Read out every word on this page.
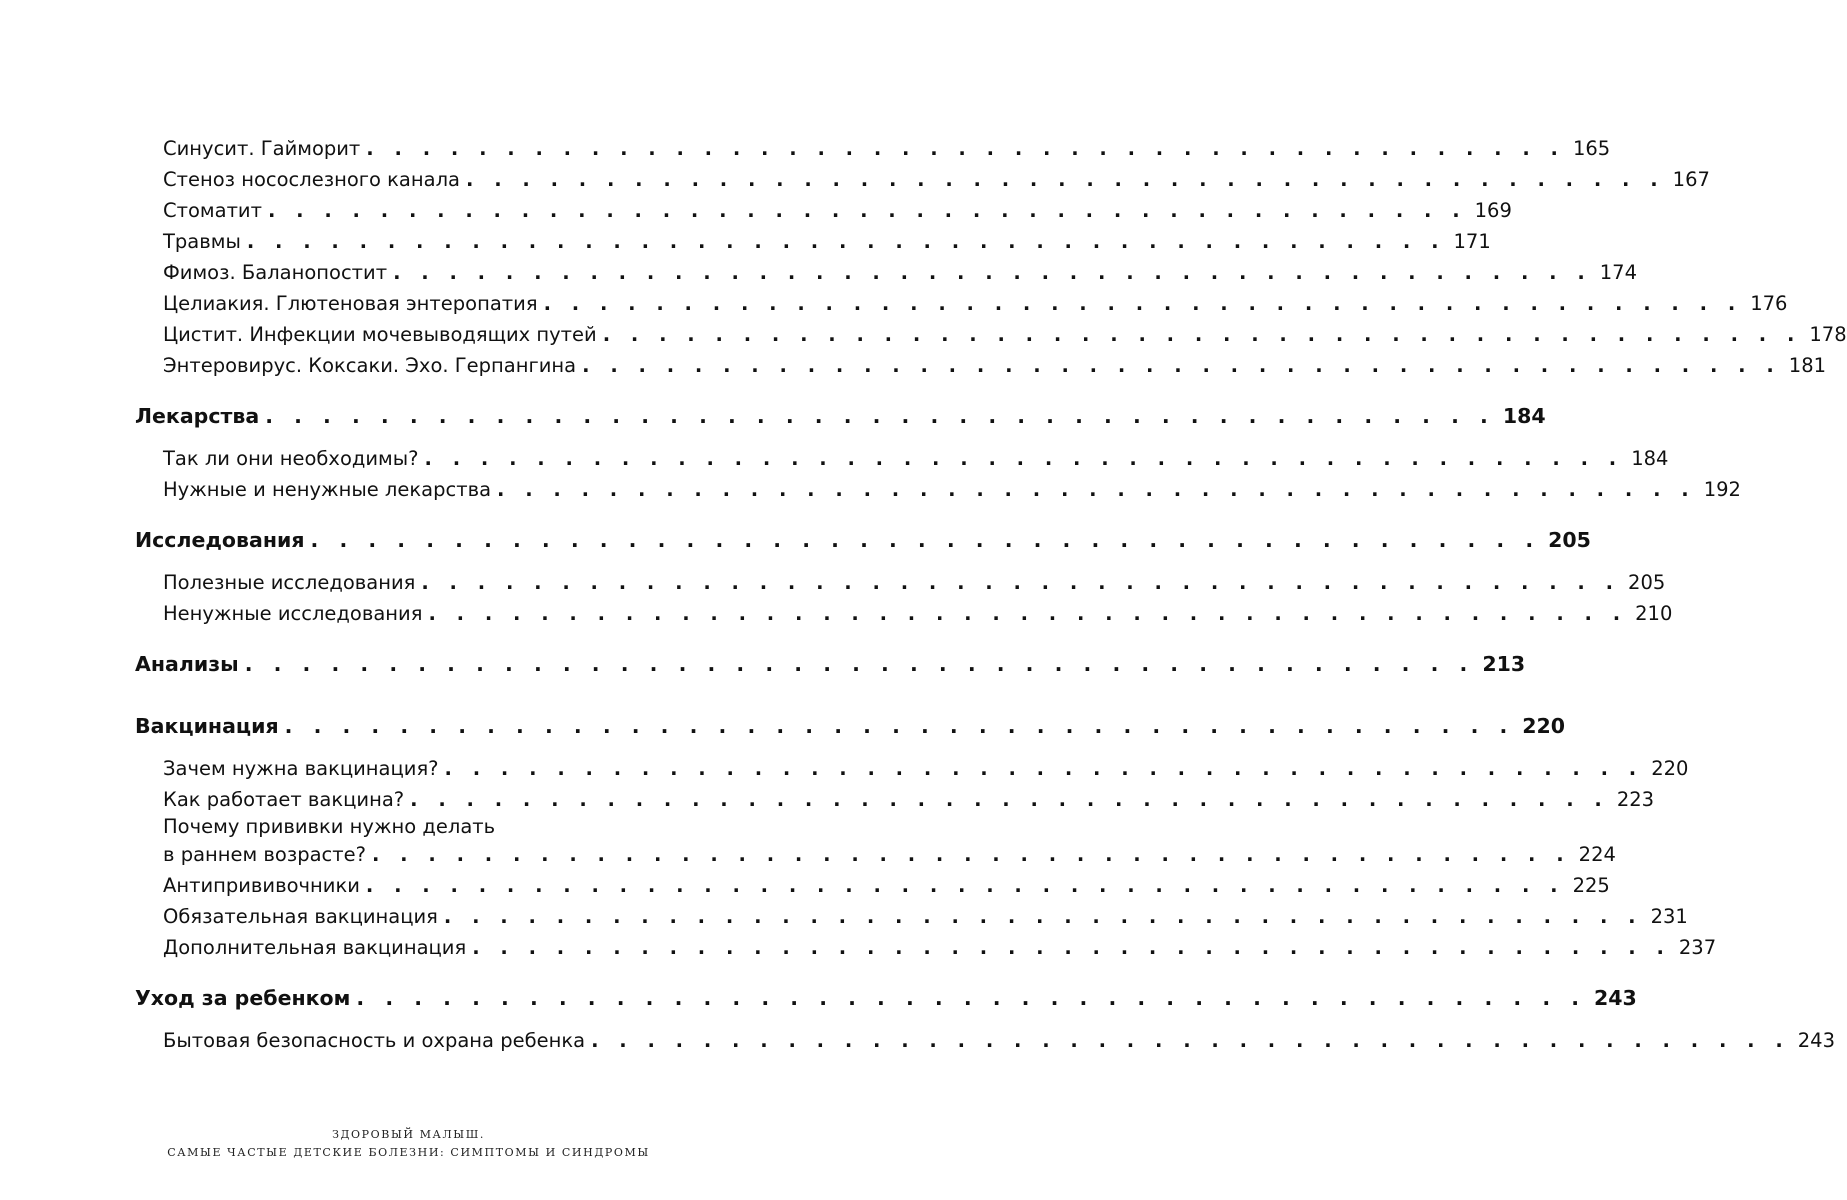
Синусит. Гайморит . . . . . . . . . . . . . . . . . . . . . . . . . . . . . . . . . . . . . . . . . . . 165
Стеноз носослезного канала . . . . . . . . . . . . . . . . . . . . . . . . . . . . . . . . . . . . . . . . . . . 167
Стоматит . . . . . . . . . . . . . . . . . . . . . . . . . . . . . . . . . . . . . . . . . . . 169
Травмы . . . . . . . . . . . . . . . . . . . . . . . . . . . . . . . . . . . . . . . . . . . 171
Фимоз. Баланопостит . . . . . . . . . . . . . . . . . . . . . . . . . . . . . . . . . . . . . . . . . . . 174
Целиакия. Глютеновая энтеропатия . . . . . . . . . . . . . . . . . . . . . . . . . . . . . . . . . . . . . . . . . . . 176
Цистит. Инфекции мочевыводящих путей . . . . . . . . . . . . . . . . . . . . . . . . . . . . . . . . . . . . . . . . . . . 178
Энтеровирус. Коксаки. Эхо. Герпангина . . . . . . . . . . . . . . . . . . . . . . . . . . . . . . . . . . . . . . . . . . . 181
Лекарства . . . . . . . . . . . . . . . . . . . . . . . . . . . . . . . . . . . . . . . . . . . 184
Так ли они необходимы? . . . . . . . . . . . . . . . . . . . . . . . . . . . . . . . . . . . . . . . . . . . 184
Нужные и ненужные лекарства . . . . . . . . . . . . . . . . . . . . . . . . . . . . . . . . . . . . . . . . . . . 192
Исследования . . . . . . . . . . . . . . . . . . . . . . . . . . . . . . . . . . . . . . . . . . . 205
Полезные исследования . . . . . . . . . . . . . . . . . . . . . . . . . . . . . . . . . . . . . . . . . . . 205
Ненужные исследования . . . . . . . . . . . . . . . . . . . . . . . . . . . . . . . . . . . . . . . . . . . 210
Анализы . . . . . . . . . . . . . . . . . . . . . . . . . . . . . . . . . . . . . . . . . . . 213
Вакцинация . . . . . . . . . . . . . . . . . . . . . . . . . . . . . . . . . . . . . . . . . . . 220
Зачем нужна вакцинация? . . . . . . . . . . . . . . . . . . . . . . . . . . . . . . . . . . . . . . . . . . . 220
Как работает вакцина? . . . . . . . . . . . . . . . . . . . . . . . . . . . . . . . . . . . . . . . . . . . 223
Почему прививки нужно делать
в раннем возрасте? . . . . . . . . . . . . . . . . . . . . . . . . . . . . . . . . . . . . . . . . . . . 224
Антипрививочники . . . . . . . . . . . . . . . . . . . . . . . . . . . . . . . . . . . . . . . . . . . 225
Обязательная вакцинация . . . . . . . . . . . . . . . . . . . . . . . . . . . . . . . . . . . . . . . . . . . 231
Дополнительная вакцинация . . . . . . . . . . . . . . . . . . . . . . . . . . . . . . . . . . . . . . . . . . . 237
Уход за ребенком . . . . . . . . . . . . . . . . . . . . . . . . . . . . . . . . . . . . . . . . . . . 243
Бытовая безопасность и охрана ребенка . . . . . . . . . . . . . . . . . . . . . . . . . . . . . . . . . . . . . . . . . . . 243
ЗДОРОВЫЙ МАЛЫШ.
САМЫЕ ЧАСТЫЕ ДЕТСКИЕ БОЛЕЗНИ: СИМПТОМЫ И СИНДРОМЫ
